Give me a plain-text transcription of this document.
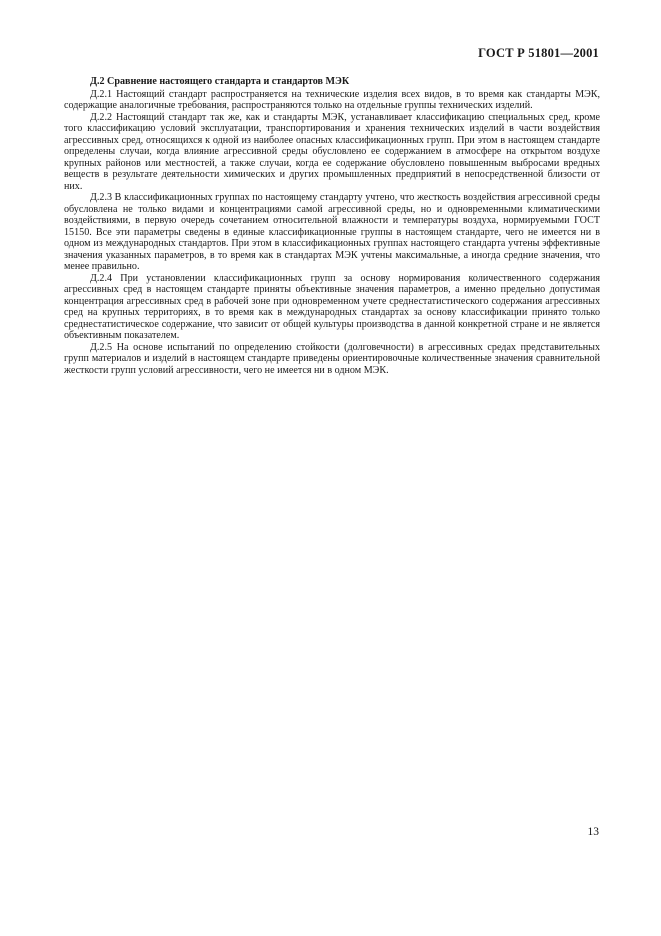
ГОСТ Р 51801—2001

Д.2 Сравнение настоящего стандарта и стандартов МЭК

Д.2.1 Настоящий стандарт распространяется на технические изделия всех видов, в то время как стандарты МЭК, содержащие аналогичные требования, распространяются только на отдельные группы технических изделий.

Д.2.2 Настоящий стандарт так же, как и стандарты МЭК, устанавливает классификацию специальных сред, кроме того классификацию условий эксплуатации, транспортирования и хранения технических изделий в части воздействия агрессивных сред, относящихся к одной из наиболее опасных классификационных групп. При этом в настоящем стандарте определены случаи, когда влияние агрессивной среды обусловлено ее содержанием в атмосфере на открытом воздухе крупных районов или местностей, а также случаи, когда ее содержание обусловлено повышенным выбросами вредных веществ в результате деятельности химических и других промышленных предприятий в непосредственной близости от них.

Д.2.3 В классификационных группах по настоящему стандарту учтено, что жесткость воздействия агрессивной среды обусловлена не только видами и концентрациями самой агрессивной среды, но и одновременными климатическими воздействиями, в первую очередь сочетанием относительной влажности и температуры воздуха, нормируемыми ГОСТ 15150. Все эти параметры сведены в единые классификационные группы в настоящем стандарте, чего не имеется ни в одном из международных стандартов. При этом в классификационных группах настоящего стандарта учтены эффективные значения указанных параметров, в то время как в стандартах МЭК учтены максимальные, а иногда средние значения, что менее правильно.

Д.2.4 При установлении классификационных групп за основу нормирования количественного содержания агрессивных сред в настоящем стандарте приняты объективные значения параметров, а именно предельно допустимая концентрация агрессивных сред в рабочей зоне при одновременном учете среднестатистического содержания агрессивных сред на крупных территориях, в то время как в международных стандартах за основу классификации принято только среднестатистическое содержание, что зависит от общей культуры производства в данной конкретной стране и не является объективным показателем.

Д.2.5 На основе испытаний по определению стойкости (долговечности) в агрессивных средах представительных групп материалов и изделий в настоящем стандарте приведены ориентировочные количественные значения сравнительной жесткости групп условий агрессивности, чего не имеется ни в одном МЭК.

13
